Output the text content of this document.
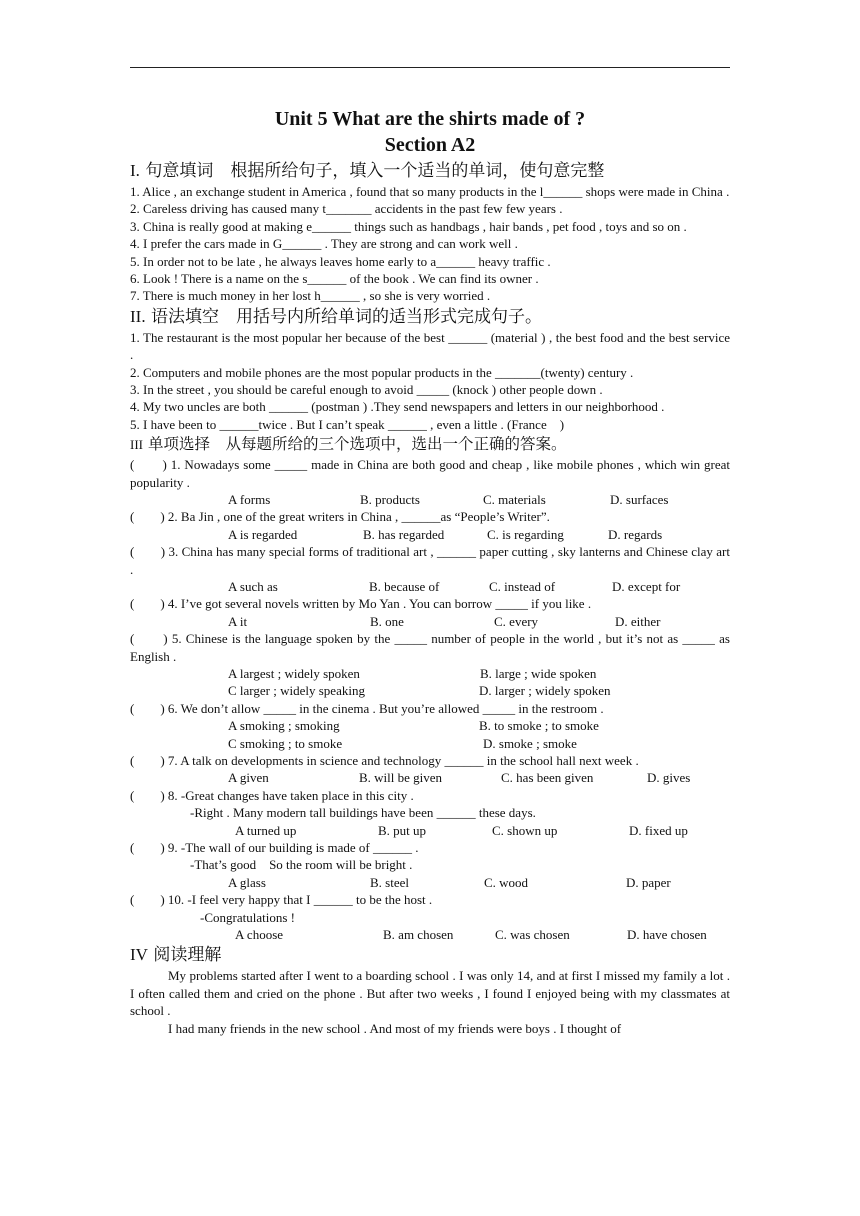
Unit 5 What are the shirts made of ?
Section A2
I. 句意填词　根据所给句子，填入一个适当的单词，使句意完整

1. Alice , an exchange student in America , found that so many products in the l______ shops were made in China .

2. Careless driving has caused many t_______ accidents in the past few few years .

3. China is really good at making e______ things such as handbags , hair bands , pet food , toys and so on .

4. I prefer the cars made in G______ . They are strong and can work well .

5. In order not to be late , he always leaves home early to a______ heavy traffic .

6. Look ! There is a name on the s______ of the book . We can find its owner .

7. There is much money in her lost h______ , so she is very worried .

II. 语法填空　用括号内所给单词的适当形式完成句子。

1. The restaurant is the most popular her because of the best ______ (material ) , the best food and the best service .

2. Computers and mobile phones are the most popular products in the _______(twenty) century .

3. In the street , you should be careful enough to avoid _____ (knock ) other people down .

4. My two uncles are both ______ (postman ) .They send newspapers and letters in our neighborhood .

5. I have been to ______twice . But I can’t speak ______ , even a little . (France　)

III 单项选择　从每题所给的三个选项中，选出一个正确的答案。

(　　) 1. Nowadays some _____ made in China are both good and cheap , like mobile phones , which win great popularity .

A forms	B. products	C. materials	D. surfaces

(　　) 2. Ba Jin , one of the great writers in China , ______as “People’s Writer”.

A is regarded	B. has regarded	C. is regarding	D. regards

(　　) 3. China has many special forms of traditional art , ______ paper cutting , sky lanterns and Chinese clay art .

A such as	B. because of	C. instead of	D. except for

(　　) 4. I’ve got several novels written by Mo Yan . You can borrow _____ if you like .

A it	B. one	C. every	D. either

(　　) 5. Chinese is the language spoken by the _____ number of people in the world , but it’s not as _____ as English .

A largest ; widely spoken	B. large ; wide spoken
C larger ; widely speaking	D. larger ; widely spoken

(　　) 6. We don’t allow _____ in the cinema . But you’re allowed _____ in the restroom .

A smoking ; smoking	B. to smoke ; to smoke
C smoking ; to smoke	D. smoke ; smoke

(　　) 7. A talk on developments in science and technology ______ in the school hall next week .

A given	B. will be given	C. has been given	D. gives

(　　) 8. -Great changes have taken place in this city .

-Right . Many modern tall buildings have been ______ these days.

A turned up	B. put up	C. shown up	D. fixed up

(　　) 9. -The wall of our building is made of ______ .

-That’s good　So the room will be bright .

A glass	B. steel	C. wood	D. paper

(　　) 10. -I feel very happy that I ______ to be the host .

-Congratulations !

A choose	B. am chosen	C. was chosen	D. have chosen
IV 阅读理解

My problems started after I went to a boarding school . I was only 14, and at first I missed my family a lot . I often called them and cried on the phone . But after two weeks , I found I enjoyed being with my classmates at school .

I had many friends in the new school . And most of my friends were boys . I thought of
